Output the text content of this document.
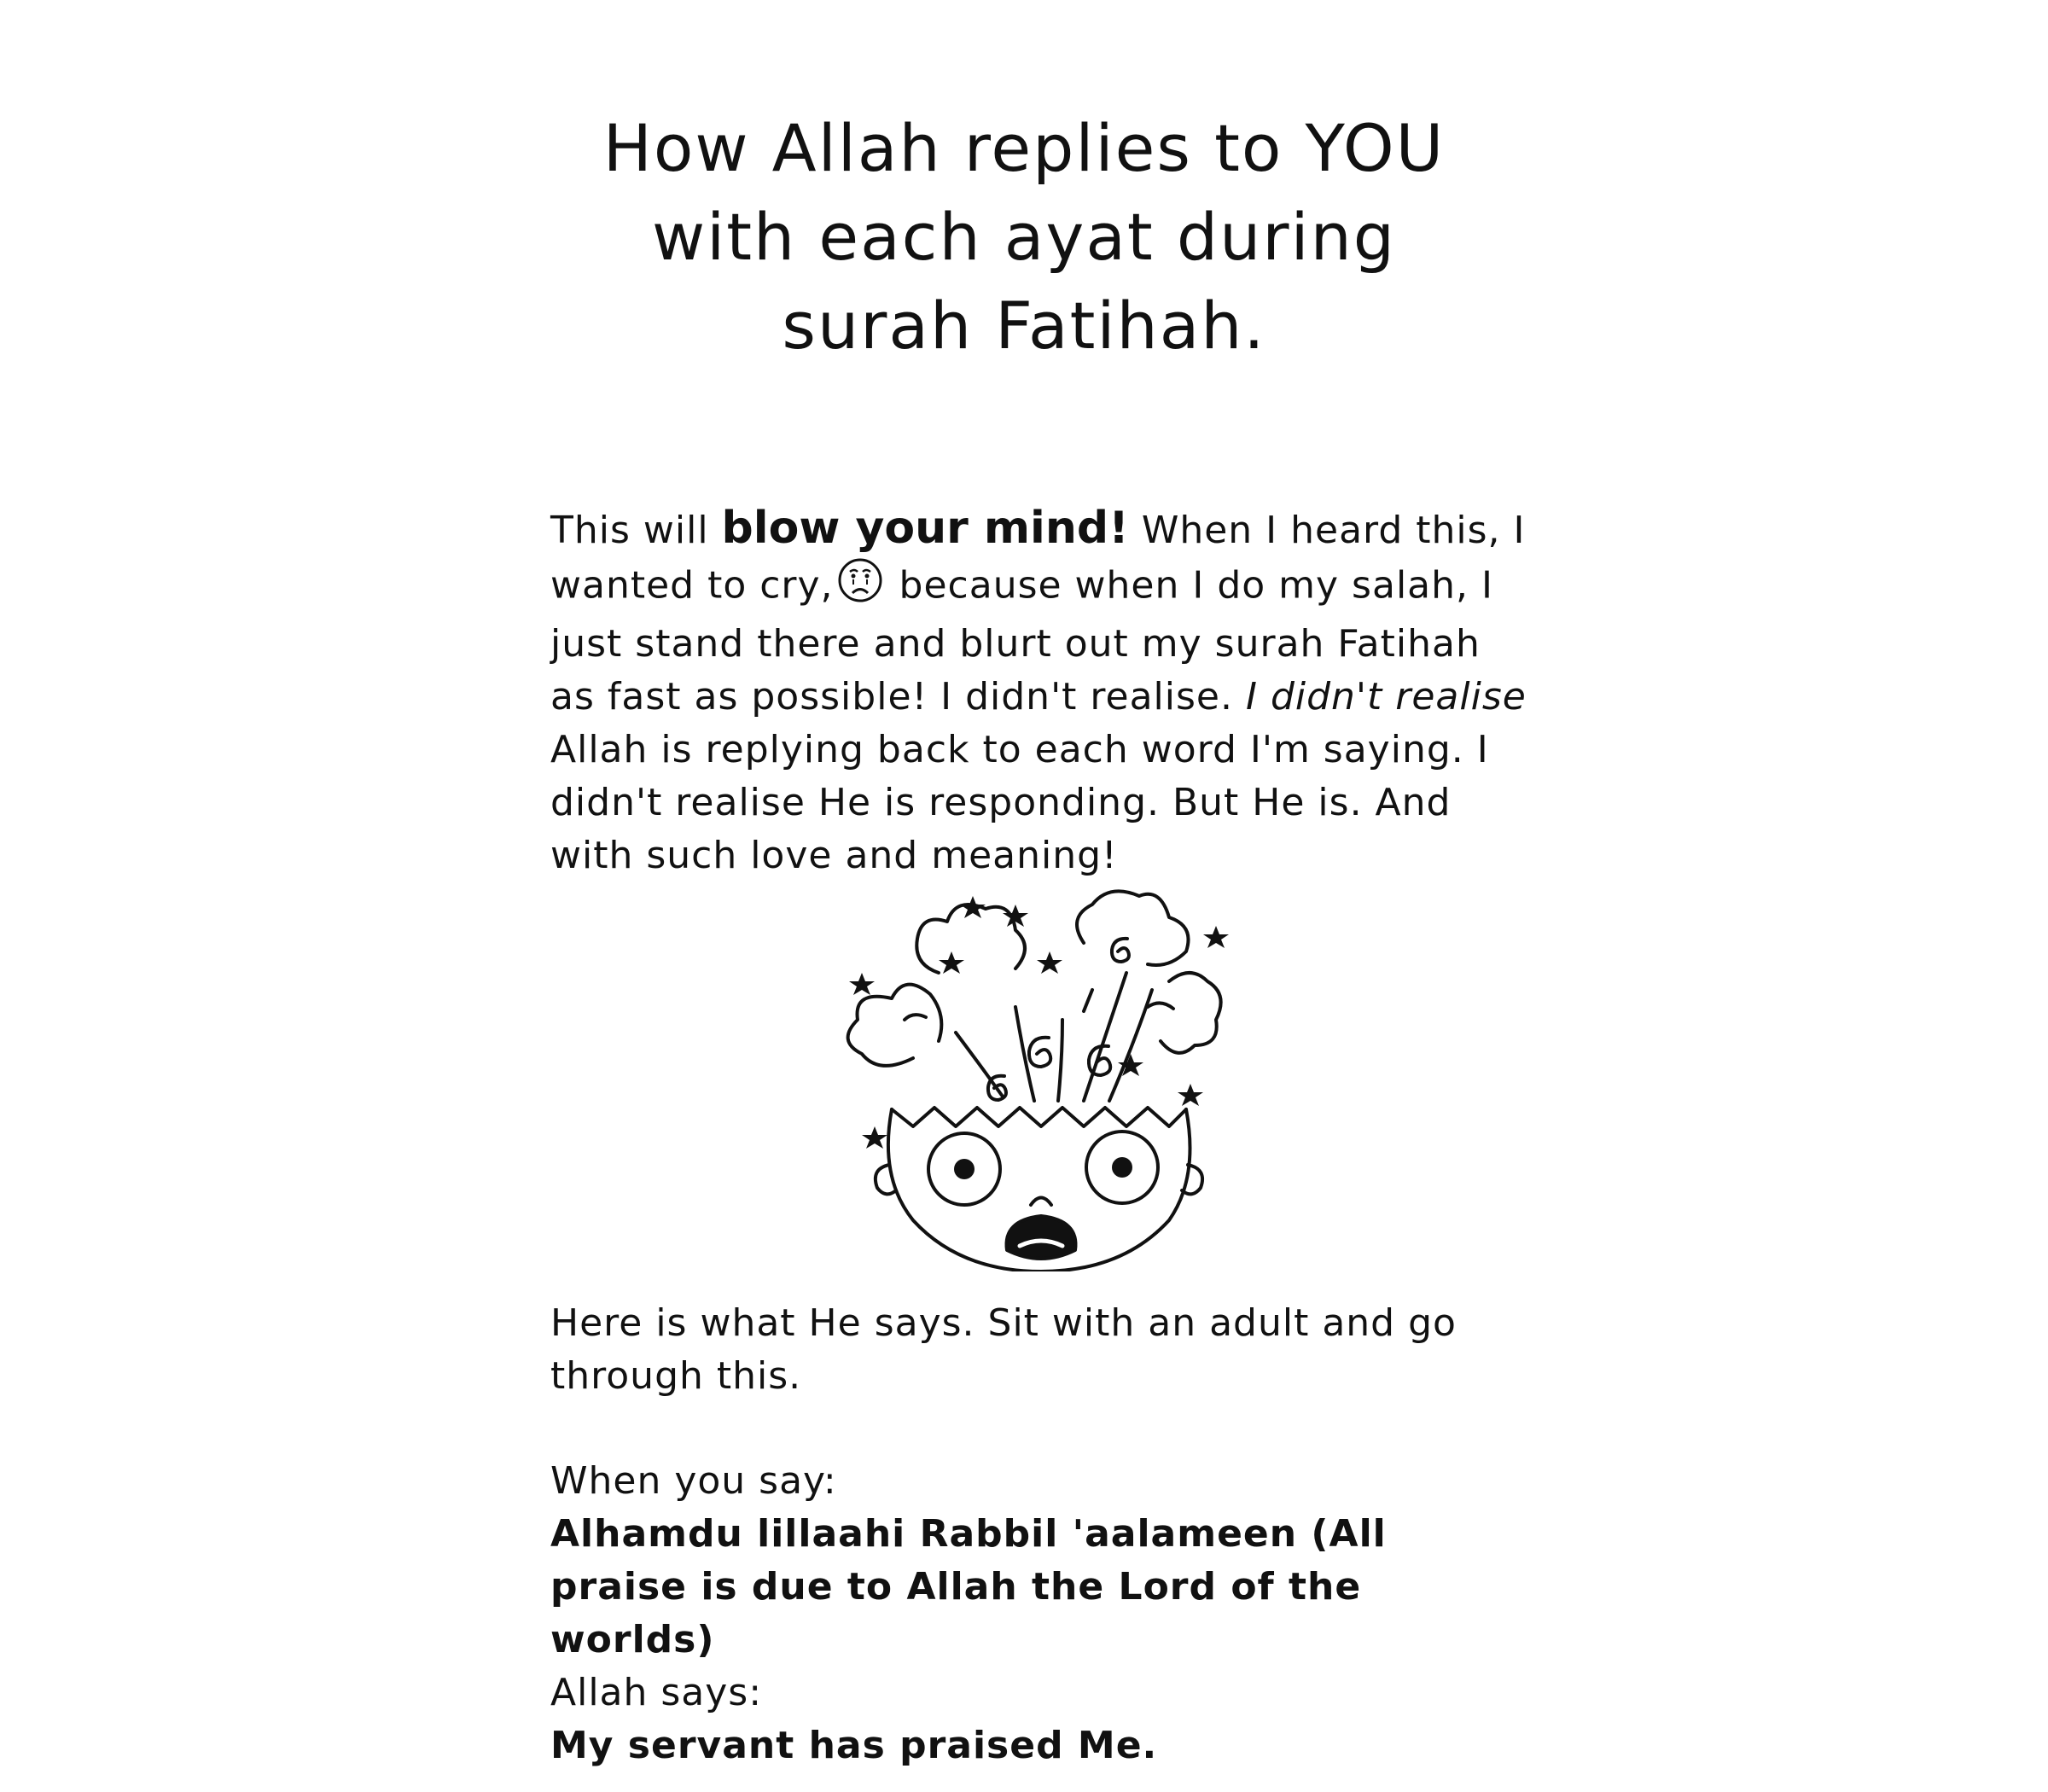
How Allah replies to YOU
with each ayat during
surah Fatihah.
This will blow your mind! When I heard this, I wanted to cry, because when I do my salah, I just stand there and blurt out my surah Fatihah as fast as possible! I didn't realise. I didn't realise Allah is replying back to each word I'm saying. I didn't realise He is responding. But He is. And with such love and meaning!
Here is what He says. Sit with an adult and go through this.
When you say:
Alhamdu lillaahi Rabbil 'aalameen (All praise is due to Allah the Lord of the worlds)
Allah says:
My servant has praised Me.
